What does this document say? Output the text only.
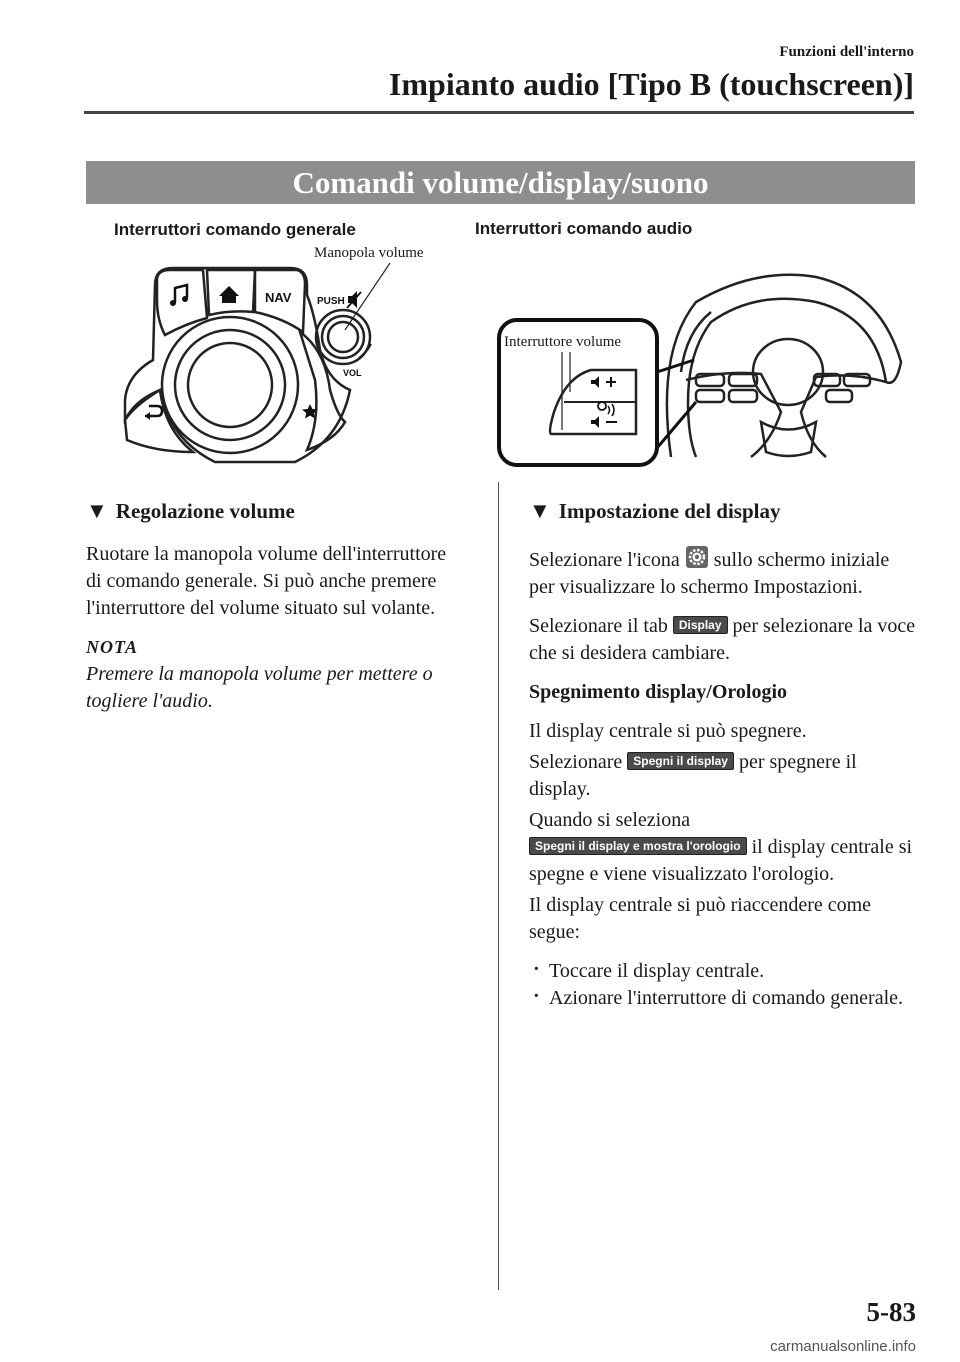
Funzioni dell'interno
Impianto audio [Tipo B (touchscreen)]
Comandi volume/display/suono
Interruttori comando generale	Interruttori comando audio
NAV	PUSH
VOL
Manopola volume
Interruttore volume
▼ Regolazione volume

Ruotare la manopola volume dell'interruttore di comando generale. Si può anche premere l'interruttore del volume situato sul volante.

NOTA
Premere la manopola volume per mettere o togliere l'audio.
▼ Impostazione del display

Selezionare l'icona sullo schermo iniziale per visualizzare lo schermo Impostazioni.

Selezionare il tab Display per selezionare la voce che si desidera cambiare.

Spegnimento display/Orologio

Il display centrale si può spegnere.

Selezionare Spegni il display per spegnere il display.

Quando si seleziona
Spegni il display e mostra l'orologio il display centrale si spegne e viene visualizzato l'orologio.

Il display centrale si può riaccendere come segue:

· Toccare il display centrale.
· Azionare l'interruttore di comando generale.
5-83
carmanualsonline.info
